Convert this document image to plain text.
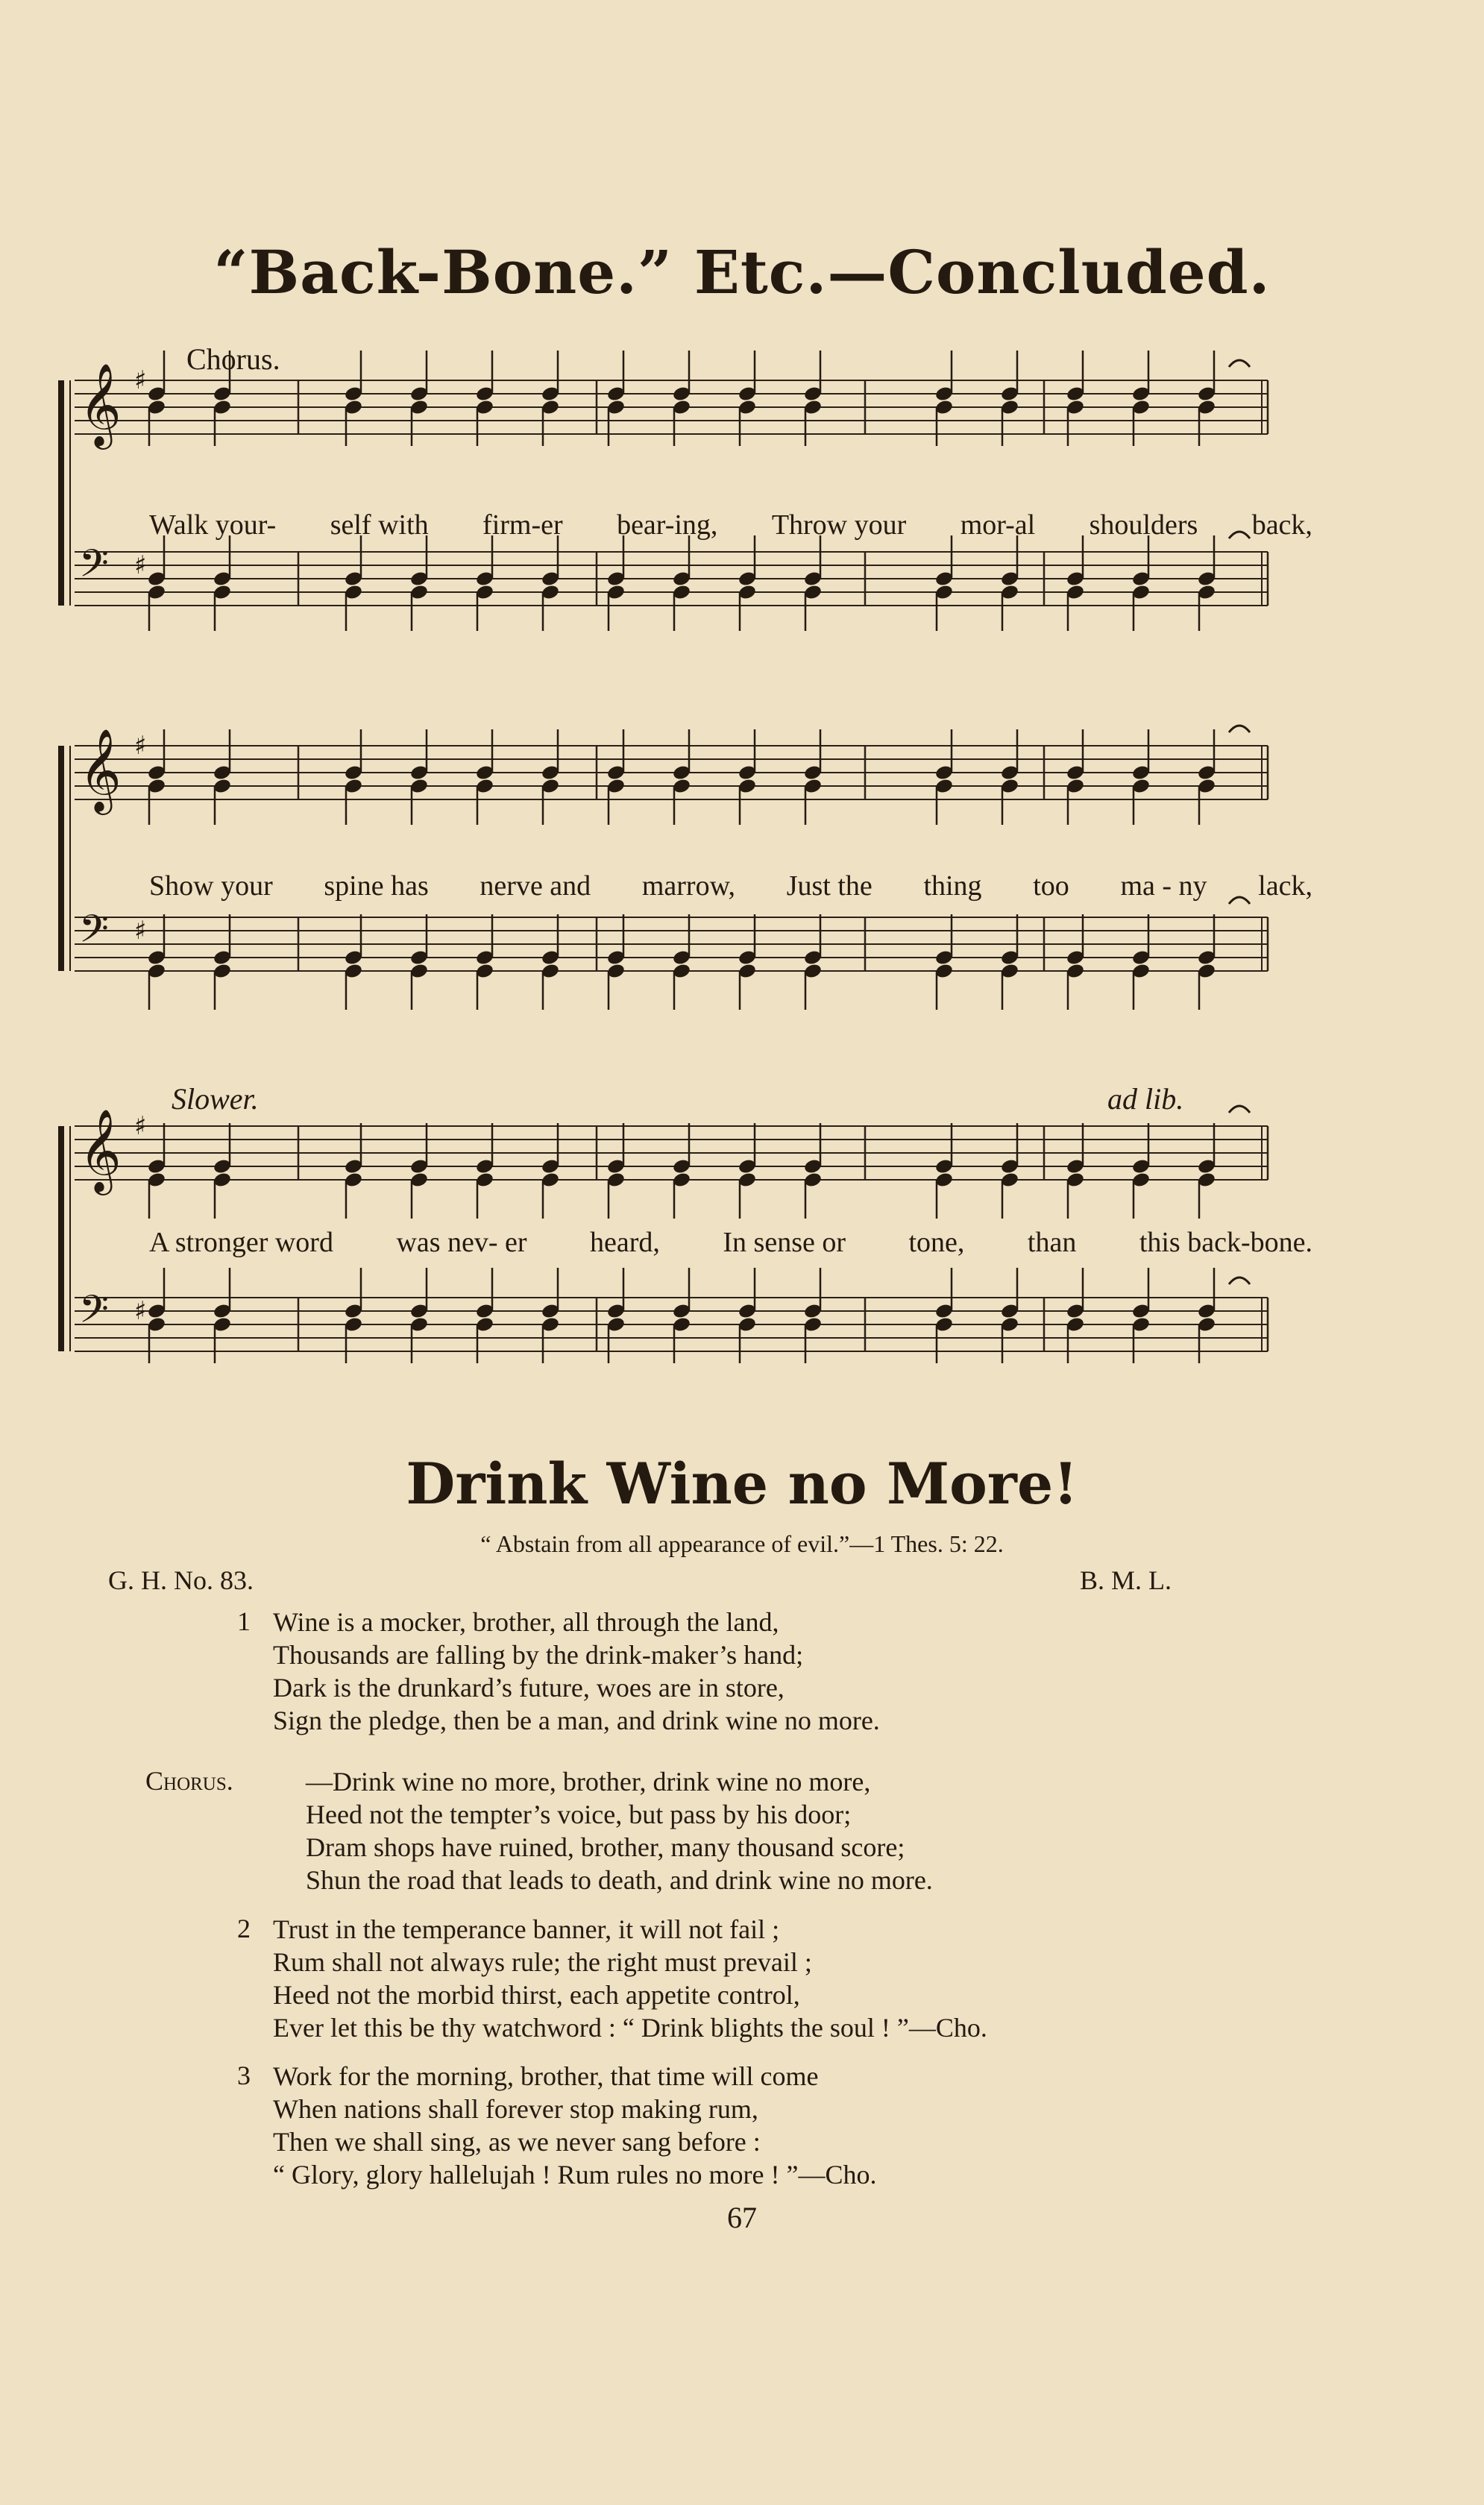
“Back-Bone.” Etc.—Concluded.
Chorus.
𝄞 ♯
𝄢 ♯
Walk your- self with firm-er bear-ing, Throw your mor-al shoulders back,
𝄞 ♯
𝄢 ♯
Show your spine has nerve and marrow, Just the thing too ma - ny lack,
Slower.	ad lib.
𝄞 ♯
𝄢 ♯
A stronger word was nev- er heard, In sense or tone, than this back-bone.
Drink Wine no More!
“ Abstain from all appearance of evil.”—1 Thes. 5: 22.
G. H. No. 83.	B. M. L.
1 Wine is a mocker, brother, all through the land,
Thousands are falling by the drink-maker’s hand;
Dark is the drunkard’s future, woes are in store,
Sign the pledge, then be a man, and drink wine no more.
Chorus.	—Drink wine no more, brother, drink wine no more,
Heed not the tempter’s voice, but pass by his door;
Dram shops have ruined, brother, many thousand score;
Shun the road that leads to death, and drink wine no more.
2 Trust in the temperance banner, it will not fail ;
Rum shall not always rule; the right must prevail ;
Heed not the morbid thirst, each appetite control,
Ever let this be thy watchword : “ Drink blights the soul ! ”—Cho.
3 Work for the morning, brother, that time will come
When nations shall forever stop making rum,
Then we shall sing, as we never sang before :
“ Glory, glory hallelujah ! Rum rules no more ! ”—Cho.
67
